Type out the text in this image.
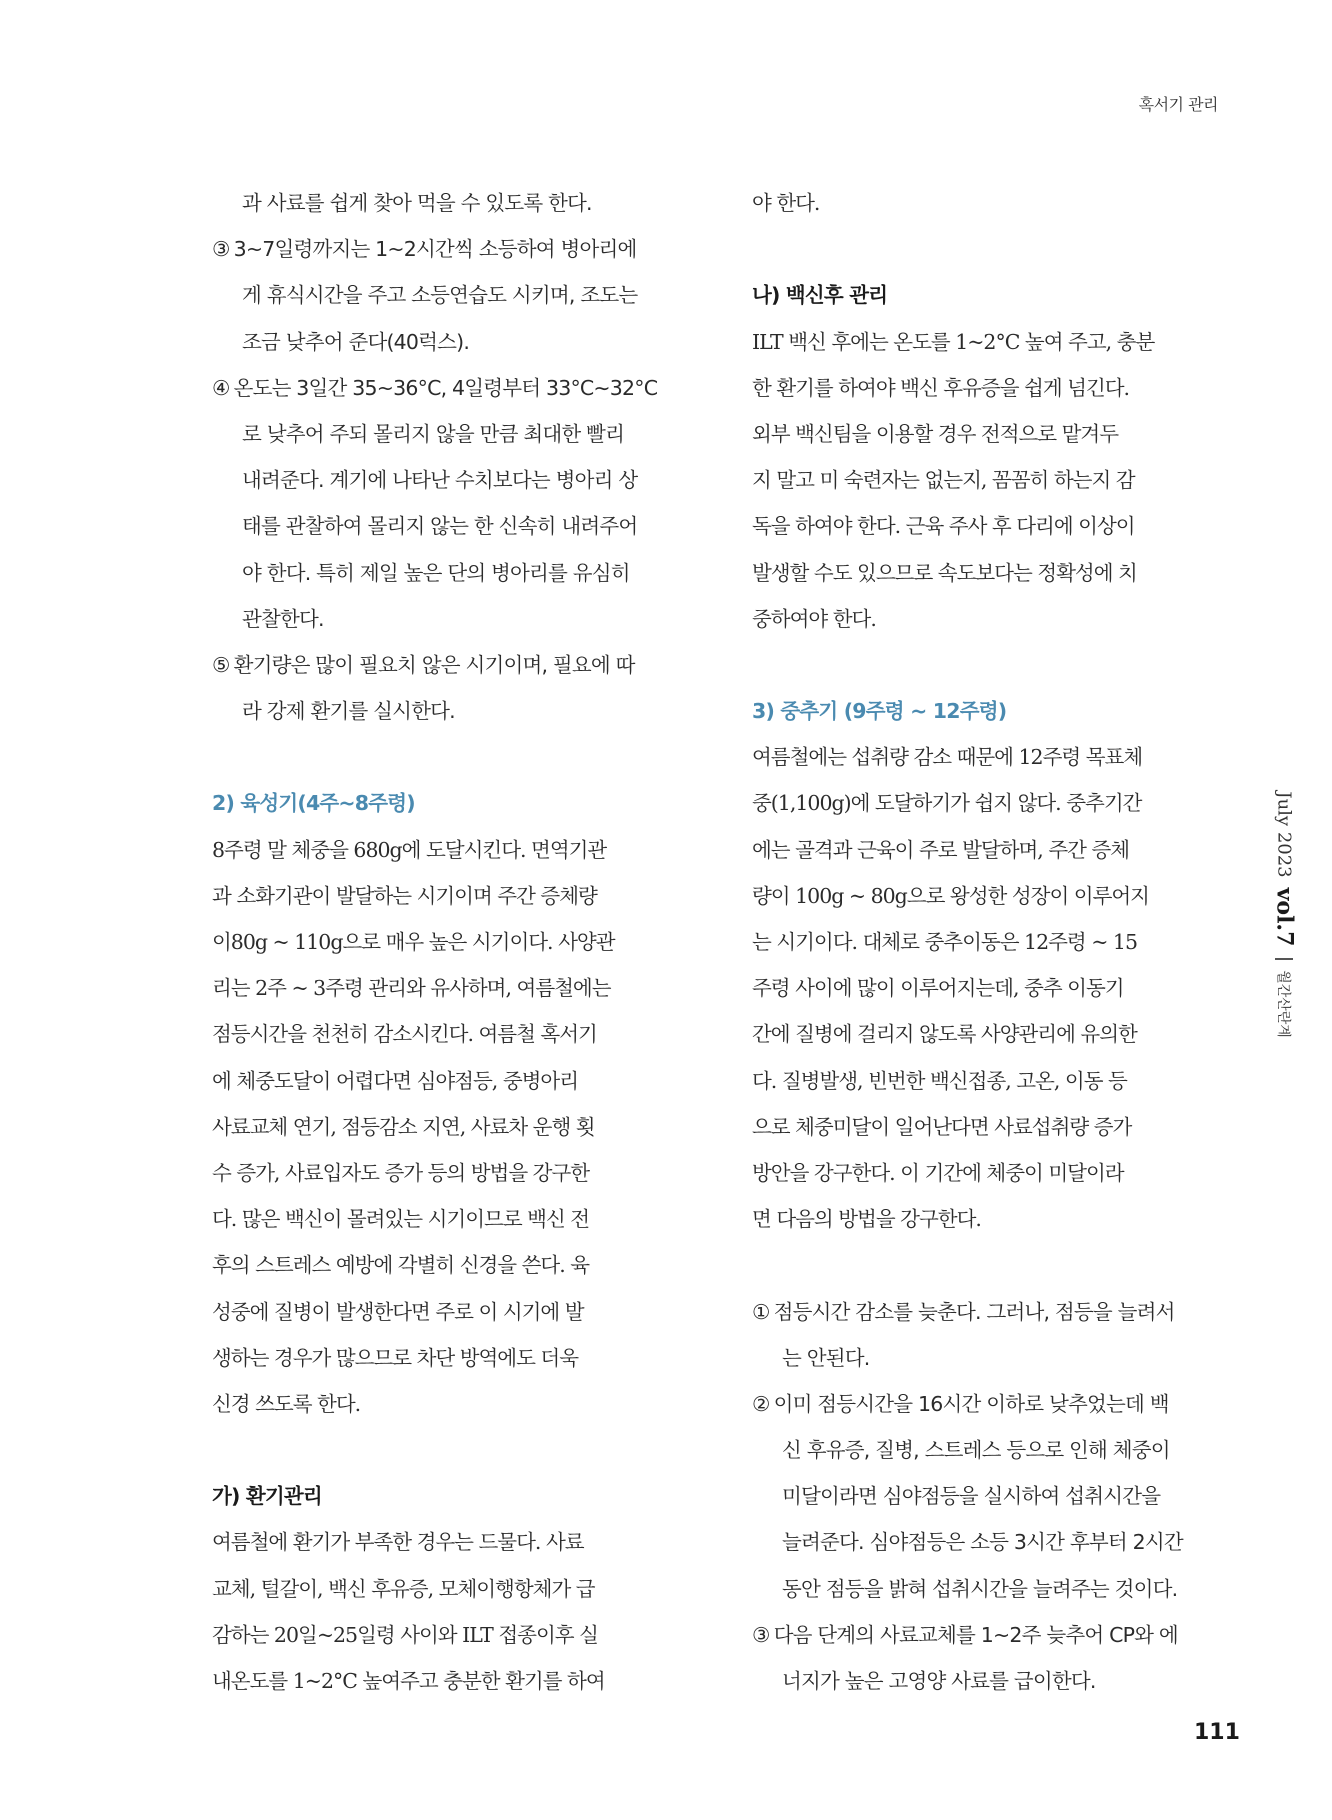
혹서기 관리
과 사료를 쉽게 찾아 먹을 수 있도록 한다.
③ 3~7일령까지는 1~2시간씩 소등하여 병아리에
게 휴식시간을 주고 소등연습도 시키며, 조도는
조금 낮추어 준다(40럭스).
④ 온도는 3일간 35~36°C, 4일령부터 33°C∼32°C
로 낮추어 주되 몰리지 않을 만큼 최대한 빨리
내려준다. 계기에 나타난 수치보다는 병아리 상
태를 관찰하여 몰리지 않는 한 신속히 내려주어
야 한다. 특히 제일 높은 단의 병아리를 유심히
관찰한다.
⑤ 환기량은 많이 필요치 않은 시기이며, 필요에 따
라 강제 환기를 실시한다.
2) 육성기(4주~8주령)
8주령 말 체중을 680g에 도달시킨다. 면역기관
과 소화기관이 발달하는 시기이며 주간 증체량
이80g ~ 110g으로 매우 높은 시기이다. 사양관
리는 2주 ~ 3주령 관리와 유사하며, 여름철에는
점등시간을 천천히 감소시킨다. 여름철 혹서기
에 체중도달이 어렵다면 심야점등, 중병아리
사료교체 연기, 점등감소 지연, 사료차 운행 횟
수 증가, 사료입자도 증가 등의 방법을 강구한
다. 많은 백신이 몰려있는 시기이므로 백신 전
후의 스트레스 예방에 각별히 신경을 쓴다. 육
성중에 질병이 발생한다면 주로 이 시기에 발
생하는 경우가 많으므로 차단 방역에도 더욱
신경 쓰도록 한다.
가) 환기관리
여름철에 환기가 부족한 경우는 드물다. 사료
교체, 털갈이, 백신 후유증, 모체이행항체가 급
감하는 20일~25일령 사이와 ILT 접종이후 실
내온도를 1~2°C 높여주고 충분한 환기를 하여
야 한다.
나) 백신후 관리
ILT 백신 후에는 온도를 1~2°C 높여 주고, 충분
한 환기를 하여야 백신 후유증을 쉽게 넘긴다.
외부 백신팀을 이용할 경우 전적으로 맡겨두
지 말고 미 숙련자는 없는지, 꼼꼼히 하는지 감
독을 하여야 한다. 근육 주사 후 다리에 이상이
발생할 수도 있으므로 속도보다는 정확성에 치
중하여야 한다.
3) 중추기 (9주령 ~ 12주령)
여름철에는 섭취량 감소 때문에 12주령 목표체
중(1,100g)에 도달하기가 쉽지 않다. 중추기간
에는 골격과 근육이 주로 발달하며, 주간 증체
량이 100g ~ 80g으로 왕성한 성장이 이루어지
는 시기이다. 대체로 중추이동은 12주령 ~ 15
주령 사이에 많이 이루어지는데, 중추 이동기
간에 질병에 걸리지 않도록 사양관리에 유의한
다. 질병발생, 빈번한 백신접종, 고온, 이동 등
으로 체중미달이 일어난다면 사료섭취량 증가
방안을 강구한다. 이 기간에 체중이 미달이라
면 다음의 방법을 강구한다.
① 점등시간 감소를 늦춘다. 그러나, 점등을 늘려서
는 안된다.
② 이미 점등시간을 16시간 이하로 낮추었는데 백
신 후유증, 질병, 스트레스 등으로 인해 체중이
미달이라면 심야점등을 실시하여 섭취시간을
늘려준다. 심야점등은 소등 3시간 후부터 2시간
동안 점등을 밝혀 섭취시간을 늘려주는 것이다.
③ 다음 단계의 사료교체를 1~2주 늦추어 CP와 에
너지가 높은 고영양 사료를 급이한다.
July 2023
vol.7
월간산란계
111
